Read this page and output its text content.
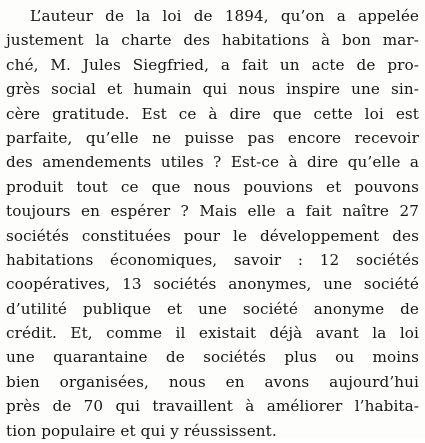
L’auteur de la loi de 1894, qu’on a appelée
justement la charte des habitations à bon mar-
ché, M. Jules Siegfried, a fait un acte de pro-
grès social et humain qui nous inspire une sin-
cère gratitude. Est ce à dire que cette loi est
parfaite, qu’elle ne puisse pas encore recevoir
des amendements utiles ? Est-ce à dire qu’elle a
produit tout ce que nous pouvions et pouvons
toujours en espérer ? Mais elle a fait naître 27
sociétés constituées pour le développement des
habitations économiques, savoir : 12 sociétés
coopératives, 13 sociétés anonymes, une société
d’utilité publique et une société anonyme de
crédit. Et, comme il existait déjà avant la loi
une quarantaine de sociétés plus ou moins
bien organisées, nous en avons aujourd’hui
près de 70 qui travaillent à améliorer l’habita-
tion populaire et qui y réussissent.
